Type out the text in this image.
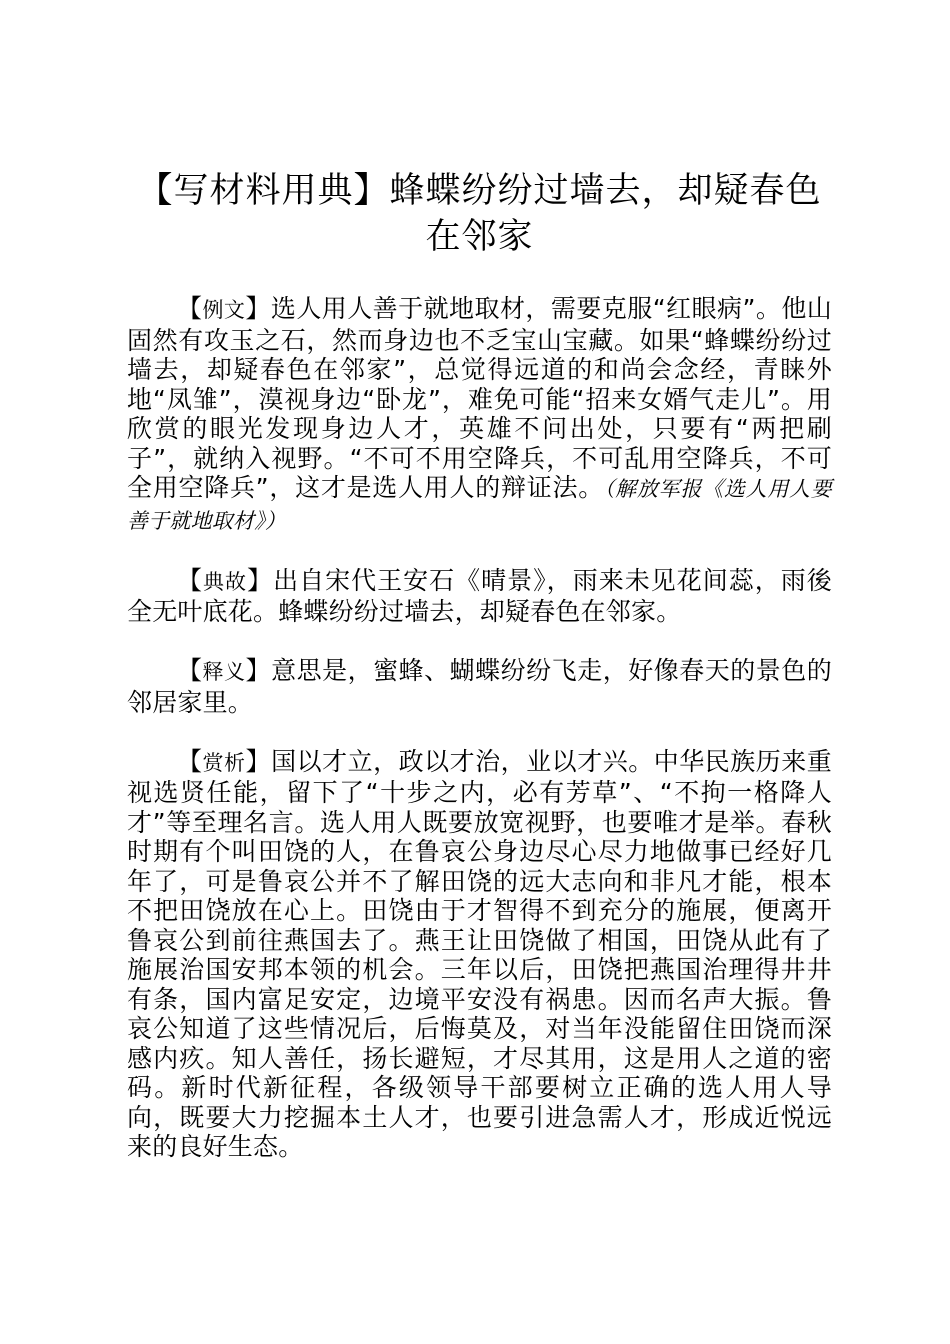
【写材料用典】蜂蝶纷纷过墙去，却疑春色在邻家

【例文】选人用人善于就地取材，需要克服“红眼病”。他山固然有攻玉之石，然而身边也不乏宝山宝藏。如果“蜂蝶纷纷过墙去，却疑春色在邻家”，总觉得远道的和尚会念经，青睐外地“凤雏”，漠视身边“卧龙”，难免可能“招来女婿气走儿”。用欣赏的眼光发现身边人才，英雄不问出处，只要有“两把刷子”，就纳入视野。“不可不用空降兵，不可乱用空降兵，不可全用空降兵”，这才是选人用人的辩证法。（解放军报《选人用人要善于就地取材》）

【典故】出自宋代王安石《晴景》，雨来未见花间蕊，雨後全无叶底花。蜂蝶纷纷过墙去，却疑春色在邻家。

【释义】意思是，蜜蜂、蝴蝶纷纷飞走，好像春天的景色的邻居家里。

【赏析】国以才立，政以才治，业以才兴。中华民族历来重视选贤任能，留下了“十步之内，必有芳草”、“不拘一格降人才”等至理名言。选人用人既要放宽视野，也要唯才是举。春秋时期有个叫田饶的人，在鲁哀公身边尽心尽力地做事已经好几年了，可是鲁哀公并不了解田饶的远大志向和非凡才能，根本不把田饶放在心上。田饶由于才智得不到充分的施展，便离开鲁哀公到前往燕国去了。燕王让田饶做了相国，田饶从此有了施展治国安邦本领的机会。三年以后，田饶把燕国治理得井井有条，国内富足安定，边境平安没有祸患。因而名声大振。鲁哀公知道了这些情况后，后悔莫及，对当年没能留住田饶而深感内疚。知人善任，扬长避短，才尽其用，这是用人之道的密码。新时代新征程，各级领导干部要树立正确的选人用人导向，既要大力挖掘本土人才，也要引进急需人才，形成近悦远来的良好生态。
